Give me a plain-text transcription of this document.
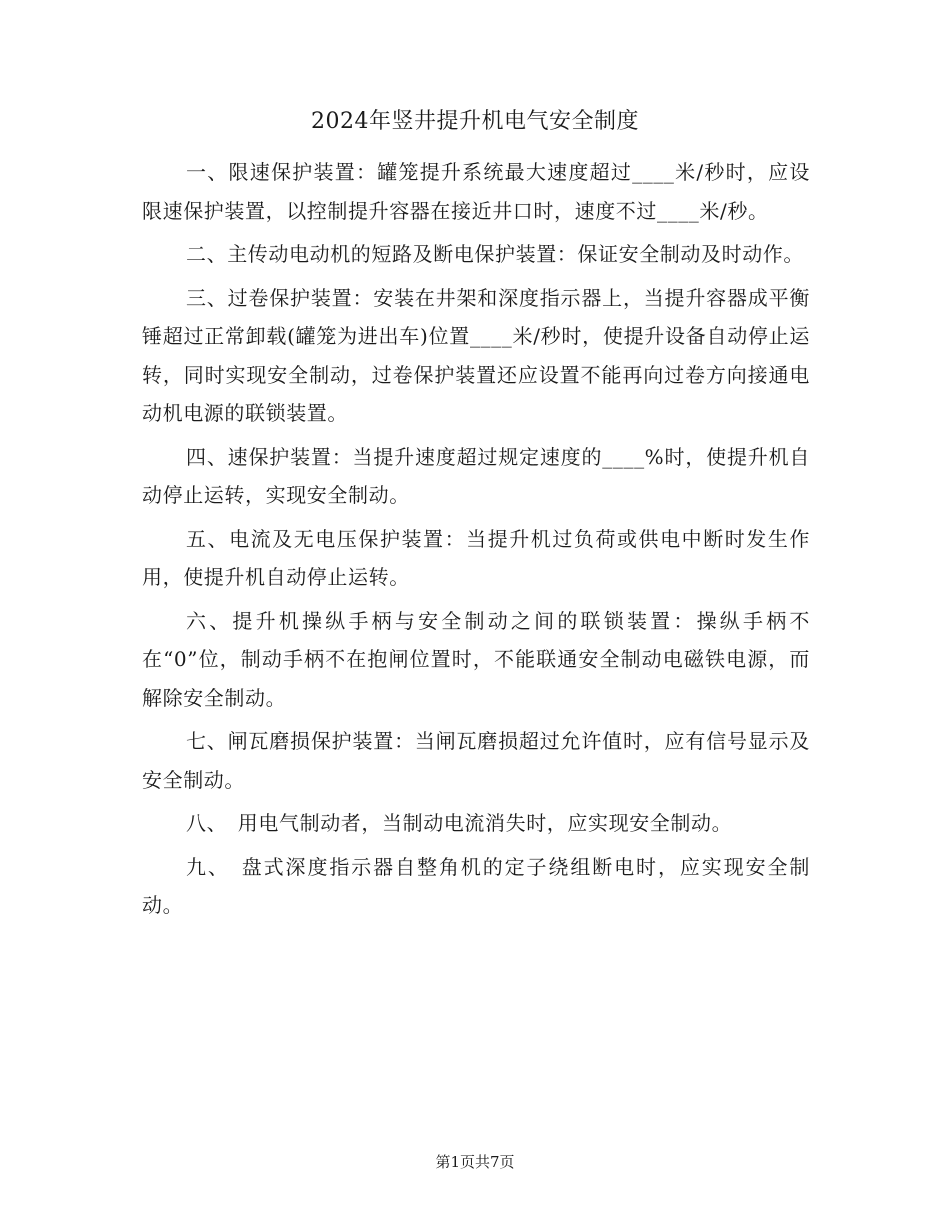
2024年竖井提升机电气安全制度

一、限速保护装置：罐笼提升系统最大速度超过____米/秒时，应设限速保护装置，以控制提升容器在接近井口时，速度不过____米/秒。

二、主传动电动机的短路及断电保护装置：保证安全制动及时动作。

三、过卷保护装置：安装在井架和深度指示器上，当提升容器成平衡锤超过正常卸载(罐笼为进出车)位置____米/秒时，使提升设备自动停止运转，同时实现安全制动，过卷保护装置还应设置不能再向过卷方向接通电动机电源的联锁装置。

四、速保护装置：当提升速度超过规定速度的____%时，使提升机自动停止运转，实现安全制动。

五、电流及无电压保护装置：当提升机过负荷或供电中断时发生作用，使提升机自动停止运转。

六、提升机操纵手柄与安全制动之间的联锁装置：操纵手柄不在“0”位，制动手柄不在抱闸位置时，不能联通安全制动电磁铁电源，而解除安全制动。

七、闸瓦磨损保护装置：当闸瓦磨损超过允许值时，应有信号显示及安全制动。

八、　用电气制动者，当制动电流消失时，应实现安全制动。

九、　盘式深度指示器自整角机的定子绕组断电时，应实现安全制动。

第1页共7页
